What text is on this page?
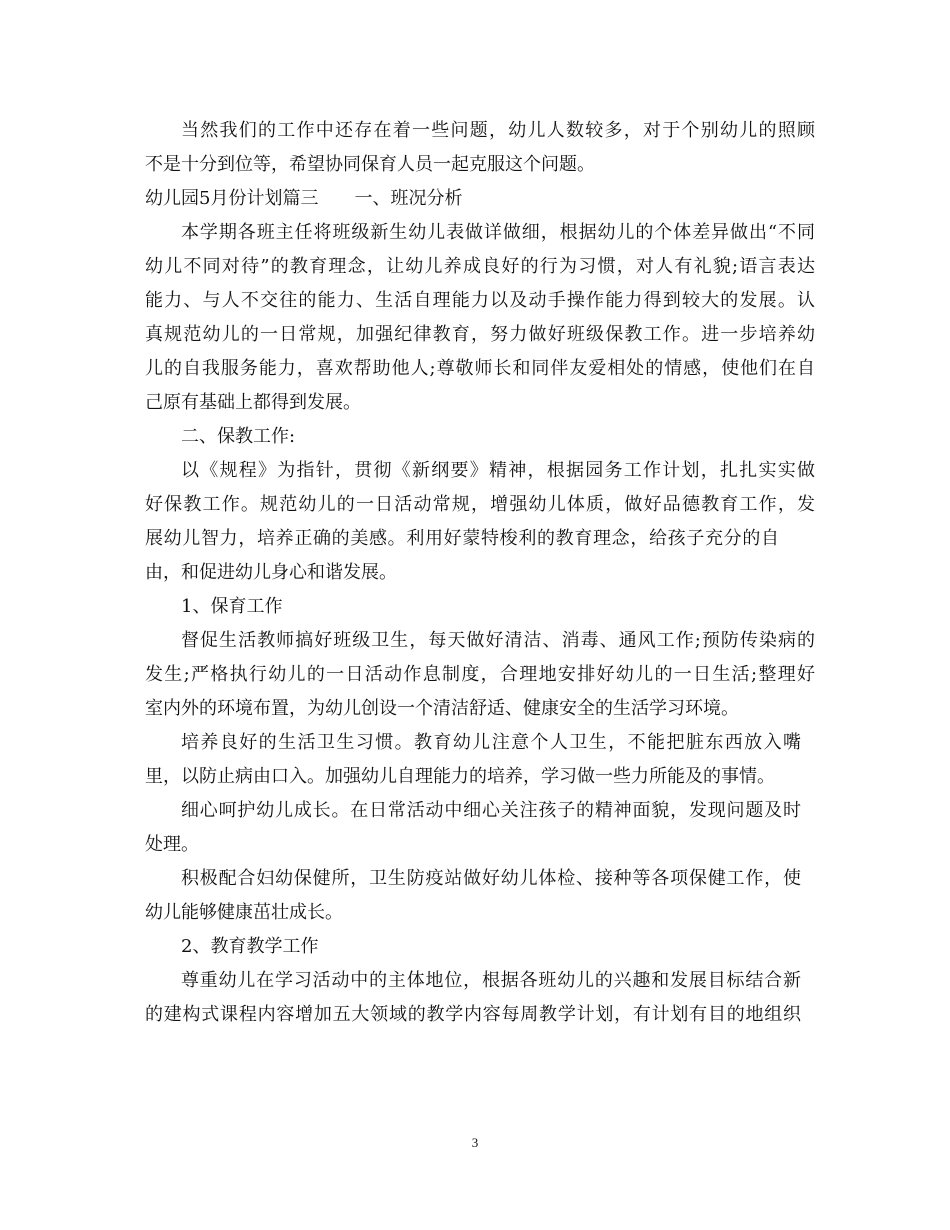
当然我们的工作中还存在着一些问题，幼儿人数较多，对于个别幼儿的照顾
不是十分到位等，希望协同保育人员一起克服这个问题。
幼儿园5月份计划篇三　　一、班况分析
本学期各班主任将班级新生幼儿表做详做细，根据幼儿的个体差异做出“不同
幼儿不同对待”的教育理念，让幼儿养成良好的行为习惯，对人有礼貌;语言表达
能力、与人不交往的能力、生活自理能力以及动手操作能力得到较大的发展。认
真规范幼儿的一日常规，加强纪律教育，努力做好班级保教工作。进一步培养幼
儿的自我服务能力，喜欢帮助他人;尊敬师长和同伴友爱相处的情感，使他们在自
己原有基础上都得到发展。
二、保教工作:
以《规程》为指针，贯彻《新纲要》精神，根据园务工作计划，扎扎实实做
好保教工作。规范幼儿的一日活动常规，增强幼儿体质，做好品德教育工作，发
展幼儿智力，培养正确的美感。利用好蒙特梭利的教育理念，给孩子充分的自
由，和促进幼儿身心和谐发展。
1、保育工作
督促生活教师搞好班级卫生，每天做好清洁、消毒、通风工作;预防传染病的
发生;严格执行幼儿的一日活动作息制度，合理地安排好幼儿的一日生活;整理好
室内外的环境布置，为幼儿创设一个清洁舒适、健康安全的生活学习环境。
培养良好的生活卫生习惯。教育幼儿注意个人卫生，不能把脏东西放入嘴
里，以防止病由口入。加强幼儿自理能力的培养，学习做一些力所能及的事情。
细心呵护幼儿成长。在日常活动中细心关注孩子的精神面貌，发现问题及时
处理。
积极配合妇幼保健所，卫生防疫站做好幼儿体检、接种等各项保健工作，使
幼儿能够健康茁壮成长。
2、教育教学工作
尊重幼儿在学习活动中的主体地位，根据各班幼儿的兴趣和发展目标结合新
的建构式课程内容增加五大领域的教学内容每周教学计划，有计划有目的地组织
3
